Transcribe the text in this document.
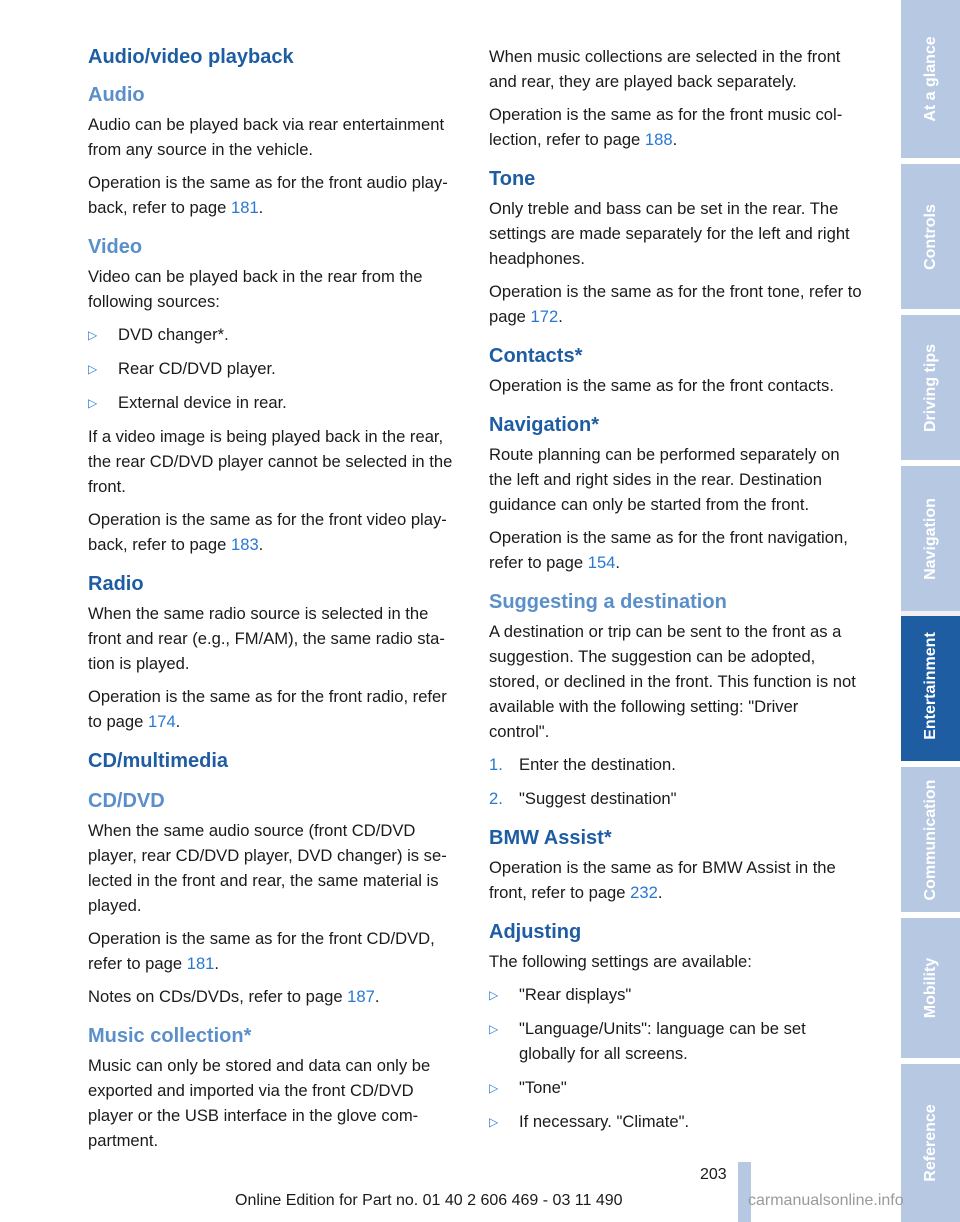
Audio/video playback
Audio

Audio can be played back via rear entertainment from any source in the vehicle.

Operation is the same as for the front audio playback, refer to page 181.

Video

Video can be played back in the rear from the following sources:

▷ DVD changer*.
▷ Rear CD/DVD player.
▷ External device in rear.

If a video image is being played back in the rear, the rear CD/DVD player cannot be selected in the front.

Operation is the same as for the front video playback, refer to page 183.

Radio

When the same radio source is selected in the front and rear (e.g., FM/AM), the same radio station is played.

Operation is the same as for the front radio, refer to page 174.

CD/multimedia
CD/DVD

When the same audio source (front CD/DVD player, rear CD/DVD player, DVD changer) is selected in the front and rear, the same material is played.

Operation is the same as for the front CD/DVD, refer to page 181.

Notes on CDs/DVDs, refer to page 187.

Music collection*

Music can only be stored and data can only be exported and imported via the front CD/DVD player or the USB interface in the glove compartment.

When music collections are selected in the front and rear, they are played back separately.

Operation is the same as for the front music collection, refer to page 188.

Tone

Only treble and bass can be set in the rear. The settings are made separately for the left and right headphones.

Operation is the same as for the front tone, refer to page 172.

Contacts*

Operation is the same as for the front contacts.

Navigation*

Route planning can be performed separately on the left and right sides in the rear. Destination guidance can only be started from the front.

Operation is the same as for the front navigation, refer to page 154.

Suggesting a destination

A destination or trip can be sent to the front as a suggestion. The suggestion can be adopted, stored, or declined in the front. This function is not available with the following setting: "Driver control".

1. Enter the destination.
2. "Suggest destination"
BMW Assist*

Operation is the same as for BMW Assist in the front, refer to page 232.

Adjusting

The following settings are available:

▷ "Rear displays"
▷ "Language/Units": language can be set globally for all screens.
▷ "Tone"
▷ If necessary. "Climate".
At a glance
Controls
Driving tips
Navigation
Entertainment
Communication
Mobility
Reference
203
Online Edition for Part no. 01 40 2 606 469 - 03 11 490	carmanualsonline.info
